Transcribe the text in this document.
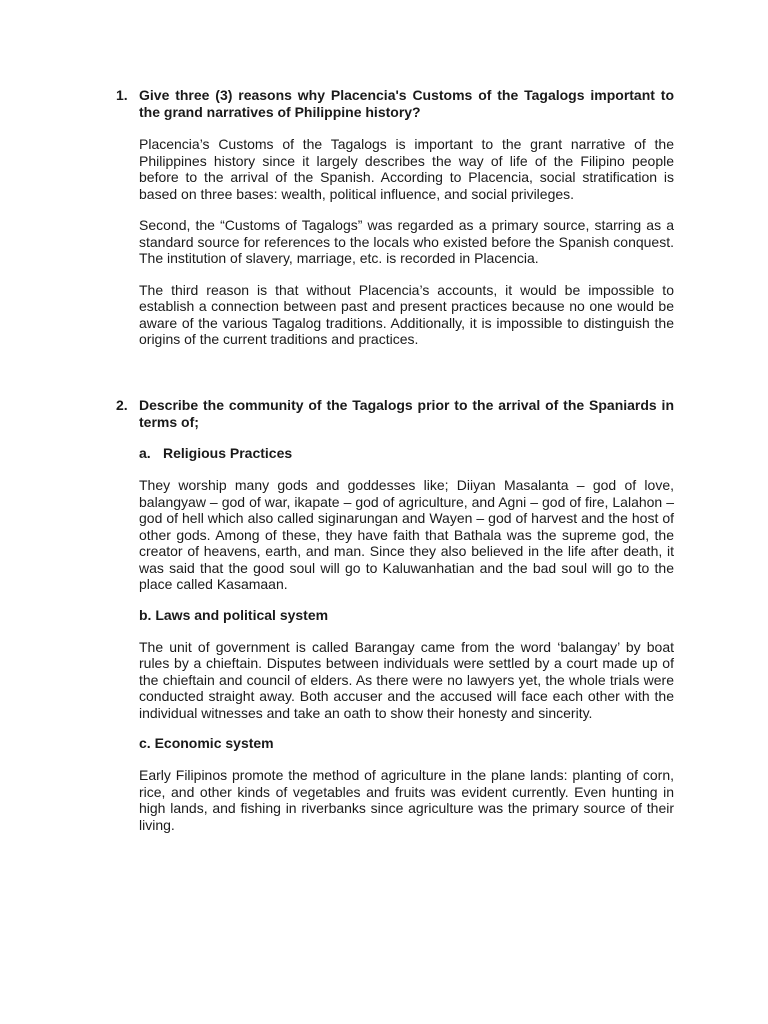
1. Give three (3) reasons why Placencia's Customs of the Tagalogs important to the grand narratives of Philippine history?

Placencia’s Customs of the Tagalogs is important to the grant narrative of the Philippines history since it largely describes the way of life of the Filipino people before to the arrival of the Spanish. According to Placencia, social stratification is based on three bases: wealth, political influence, and social privileges.

Second, the “Customs of Tagalogs” was regarded as a primary source, starring as a standard source for references to the locals who existed before the Spanish conquest. The institution of slavery, marriage, etc. is recorded in Placencia.

The third reason is that without Placencia’s accounts, it would be impossible to establish a connection between past and present practices because no one would be aware of the various Tagalog traditions. Additionally, it is impossible to distinguish the origins of the current traditions and practices.

2. Describe the community of the Tagalogs prior to the arrival of the Spaniards in terms of;
a. Religious Practices

They worship many gods and goddesses like; Diiyan Masalanta – god of love, balangyaw – god of war, ikapate – god of agriculture, and Agni – god of fire, Lalahon – god of hell which also called siginarungan and Wayen – god of harvest and the host of other gods. Among of these, they have faith that Bathala was the supreme god, the creator of heavens, earth, and man. Since they also believed in the life after death, it was said that the good soul will go to Kaluwanhatian and the bad soul will go to the place called Kasamaan.

b. Laws and political system

The unit of government is called Barangay came from the word ‘balangay’ by boat rules by a chieftain. Disputes between individuals were settled by a court made up of the chieftain and council of elders. As there were no lawyers yet, the whole trials were conducted straight away. Both accuser and the accused will face each other with the individual witnesses and take an oath to show their honesty and sincerity.

c. Economic system

Early Filipinos promote the method of agriculture in the plane lands: planting of corn, rice, and other kinds of vegetables and fruits was evident currently. Even hunting in high lands, and fishing in riverbanks since agriculture was the primary source of their living.
